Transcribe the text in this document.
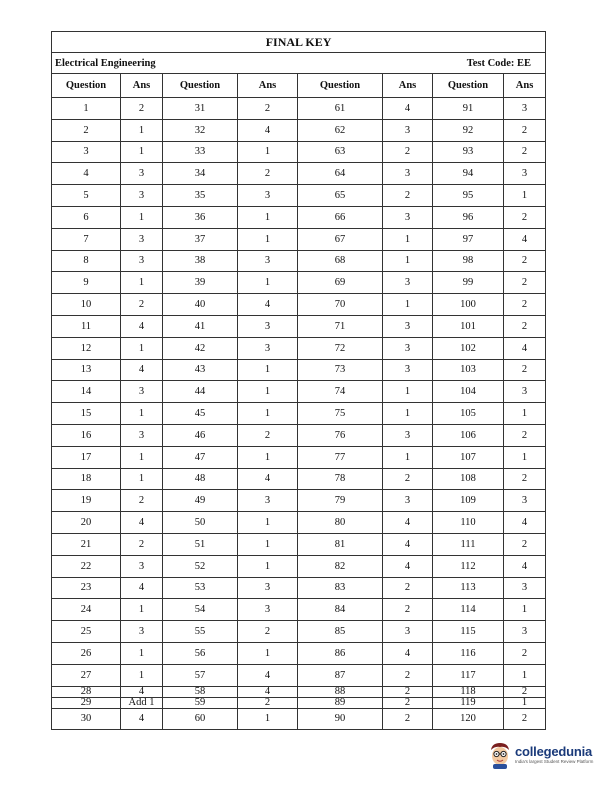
FINAL KEY							
Electrical Engineering				Test Code: EE			
Question	Ans	Question	Ans	Question	Ans	Question	Ans
1	2	31	2	61	4	91	3
2	1	32	4	62	3	92	2
3	1	33	1	63	2	93	2
4	3	34	2	64	3	94	3
5	3	35	3	65	2	95	1
6	1	36	1	66	3	96	2
7	3	37	1	67	1	97	4
8	3	38	3	68	1	98	2
9	1	39	1	69	3	99	2
10	2	40	4	70	1	100	2
11	4	41	3	71	3	101	2
12	1	42	3	72	3	102	4
13	4	43	1	73	3	103	2
14	3	44	1	74	1	104	3
15	1	45	1	75	1	105	1
16	3	46	2	76	3	106	2
17	1	47	1	77	1	107	1
18	1	48	4	78	2	108	2
19	2	49	3	79	3	109	3
20	4	50	1	80	4	110	4
21	2	51	1	81	4	111	2
22	3	52	1	82	4	112	4
23	4	53	3	83	2	113	3
24	1	54	3	84	2	114	1
25	3	55	2	85	3	115	3
26	1	56	1	86	4	116	2
27	1	57	4	87	2	117	1
28	4	58	4	88	2	118	2
29	Add 1	59	2	89	2	119	1
30	4	60	1	90	2	120	2
collegedunia
India's largest Student Review Platform
